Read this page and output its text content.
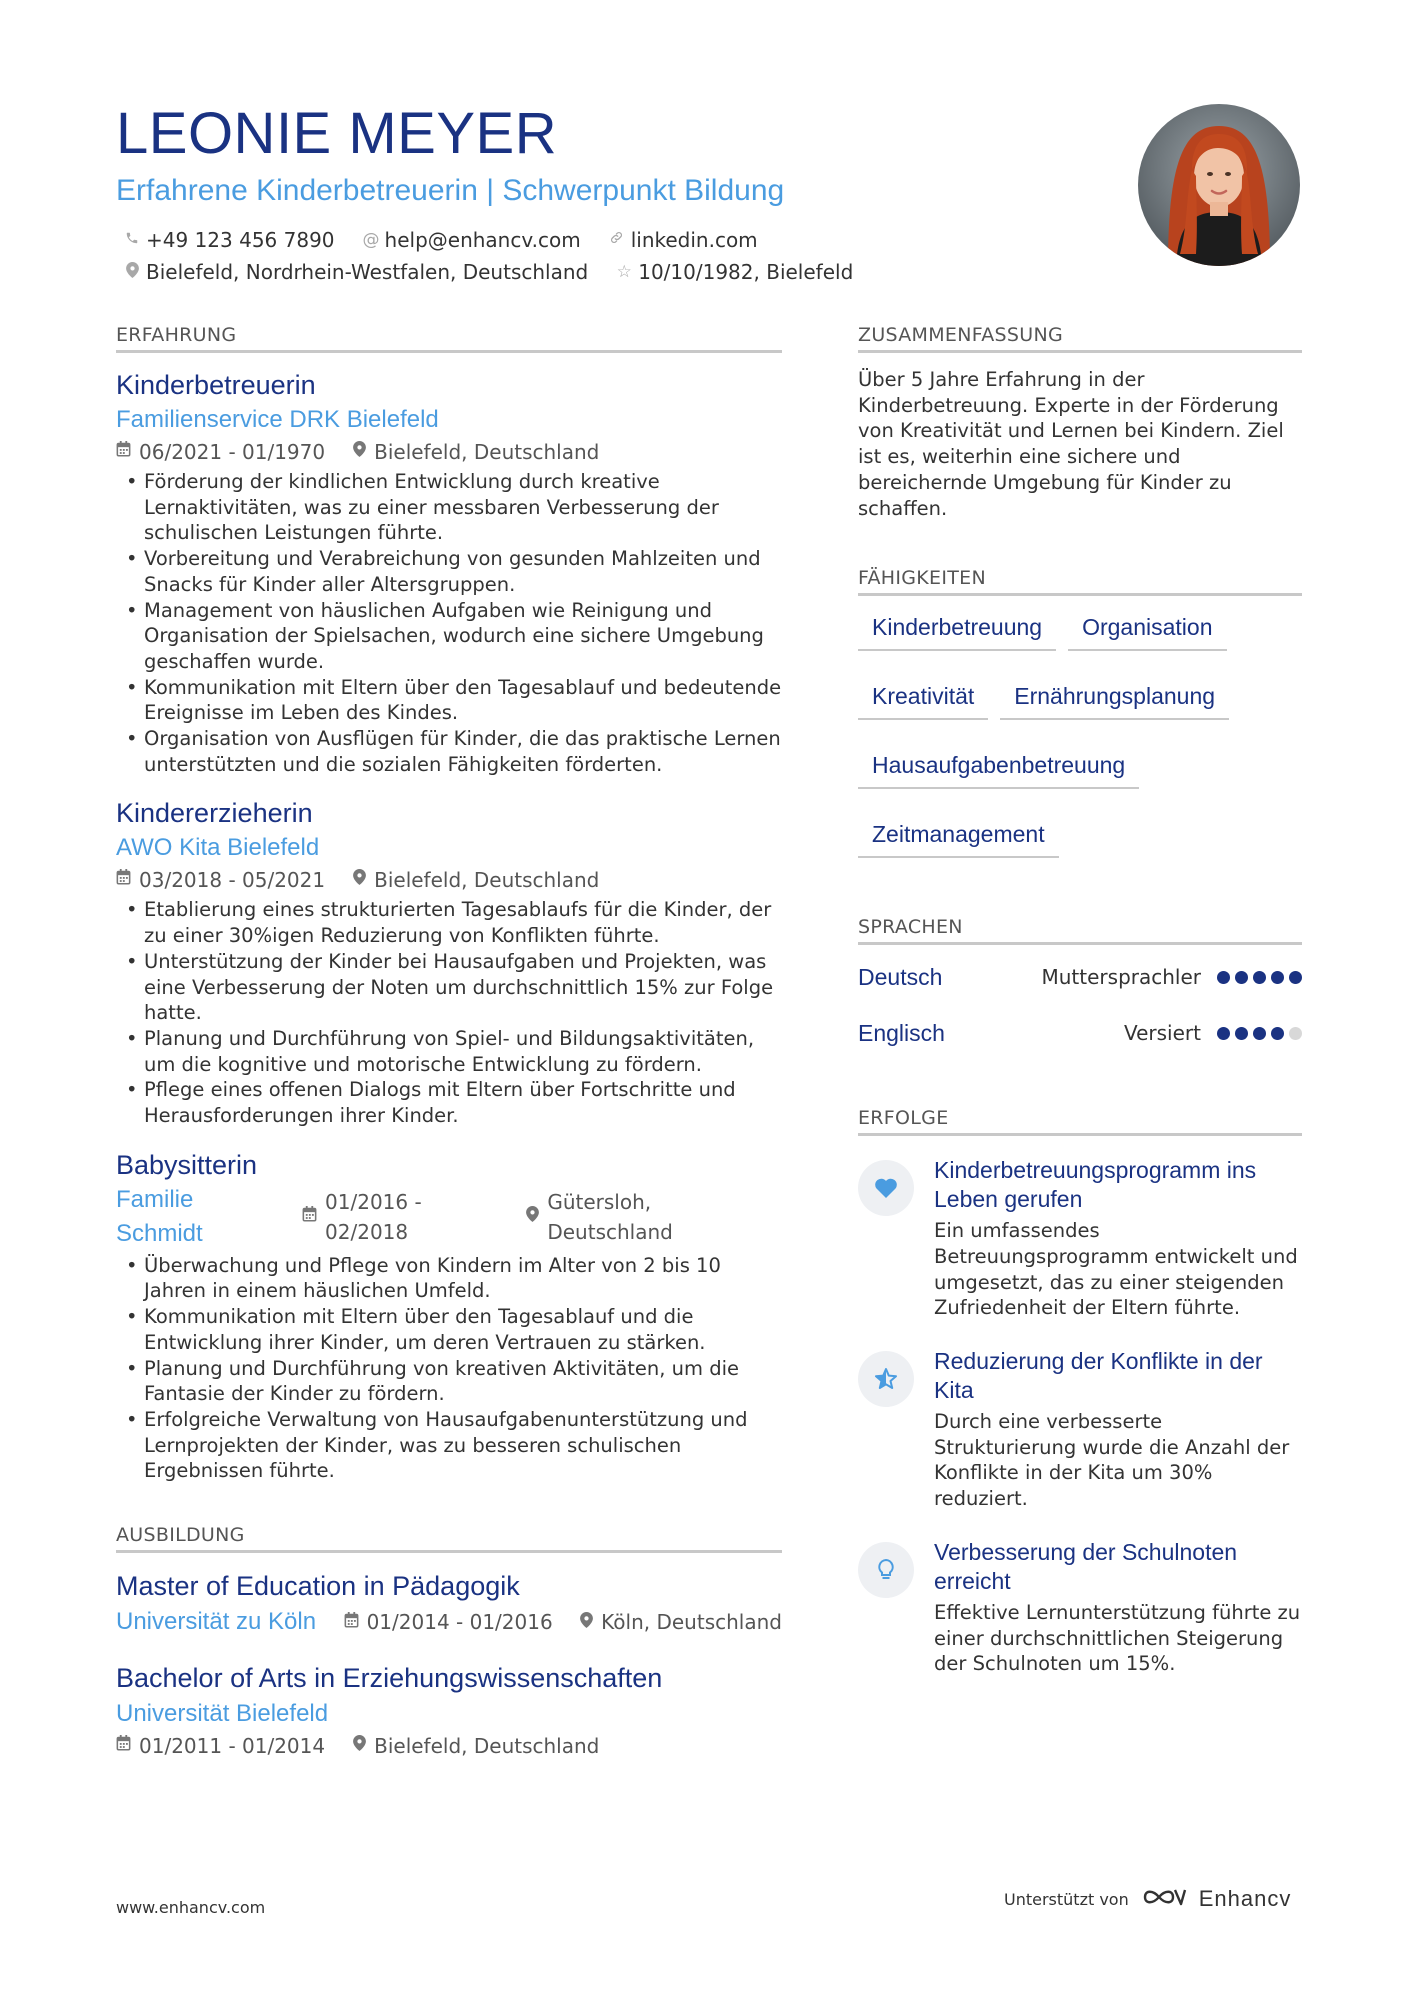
LEONIE MEYER
Erfahrene Kinderbetreuerin | Schwerpunkt Bildung
+49 123 456 7890 @ help@enhancv.com	linkedin.com
Bielefeld, Nordrhein-Westfalen, Deutschland ☆ 10/10/1982, Bielefeld
ERFAHRUNG
Kinderbetreuerin
Familienservice DRK Bielefeld
06/2021 - 01/1970 Bielefeld, Deutschland
• Förderung der kindlichen Entwicklung durch kreative Lernaktivitäten, was zu einer messbaren Verbesserung der schulischen Leistungen führte.
• Vorbereitung und Verabreichung von gesunden Mahlzeiten und Snacks für Kinder aller Altersgruppen.
• Management von häuslichen Aufgaben wie Reinigung und Organisation der Spielsachen, wodurch eine sichere Umgebung geschaffen wurde.
• Kommunikation mit Eltern über den Tagesablauf und bedeutende Ereignisse im Leben des Kindes.
• Organisation von Ausflügen für Kinder, die das praktische Lernen unterstützten und die sozialen Fähigkeiten förderten.
Kindererzieherin
AWO Kita Bielefeld
03/2018 - 05/2021 Bielefeld, Deutschland
• Etablierung eines strukturierten Tagesablaufs für die Kinder, der zu einer 30%igen Reduzierung von Konflikten führte.
• Unterstützung der Kinder bei Hausaufgaben und Projekten, was eine Verbesserung der Noten um durchschnittlich 15% zur Folge hatte.
• Planung und Durchführung von Spiel- und Bildungsaktivitäten, um die kognitive und motorische Entwicklung zu fördern.
• Pflege eines offenen Dialogs mit Eltern über Fortschritte und Herausforderungen ihrer Kinder.
Babysitterin
Familie Schmidt
01/2016 - 02/2018
Gütersloh, Deutschland
• Überwachung und Pflege von Kindern im Alter von 2 bis 10 Jahren in einem häuslichen Umfeld.
• Kommunikation mit Eltern über den Tagesablauf und die Entwicklung ihrer Kinder, um deren Vertrauen zu stärken.
• Planung und Durchführung von kreativen Aktivitäten, um die Fantasie der Kinder zu fördern.
• Erfolgreiche Verwaltung von Hausaufgabenunterstützung und Lernprojekten der Kinder, was zu besseren schulischen Ergebnissen führte.
AUSBILDUNG
Master of Education in Pädagogik
Universität zu Köln	01/2014 - 01/2016 Köln, Deutschland
Bachelor of Arts in Erziehungswissenschaften
Universität Bielefeld
01/2011 - 01/2014 Bielefeld, Deutschland
ZUSAMMENFASSUNG
Über 5 Jahre Erfahrung in der Kinderbetreuung. Experte in der Förderung von Kreativität und Lernen bei Kindern. Ziel ist es, weiterhin eine sichere und bereichernde Umgebung für Kinder zu schaffen.
FÄHIGKEITEN
Kinderbetreuung	Organisation
Kreativität	Ernährungsplanung
Hausaufgabenbetreuung
Zeitmanagement
SPRACHEN
Deutsch	Muttersprachler
Englisch	Versiert
ERFOLGE
Kinderbetreuungsprogramm ins Leben gerufen
Ein umfassendes Betreuungsprogramm entwickelt und umgesetzt, das zu einer steigenden Zufriedenheit der Eltern führte.
Reduzierung der Konflikte in der Kita
Durch eine verbesserte Strukturierung wurde die Anzahl der Konflikte in der Kita um 30% reduziert.
Verbesserung der Schulnoten erreicht
Effektive Lernunterstützung führte zu einer durchschnittlichen Steigerung der Schulnoten um 15%.
www.enhancv.com	Unterstützt von	Enhancv
